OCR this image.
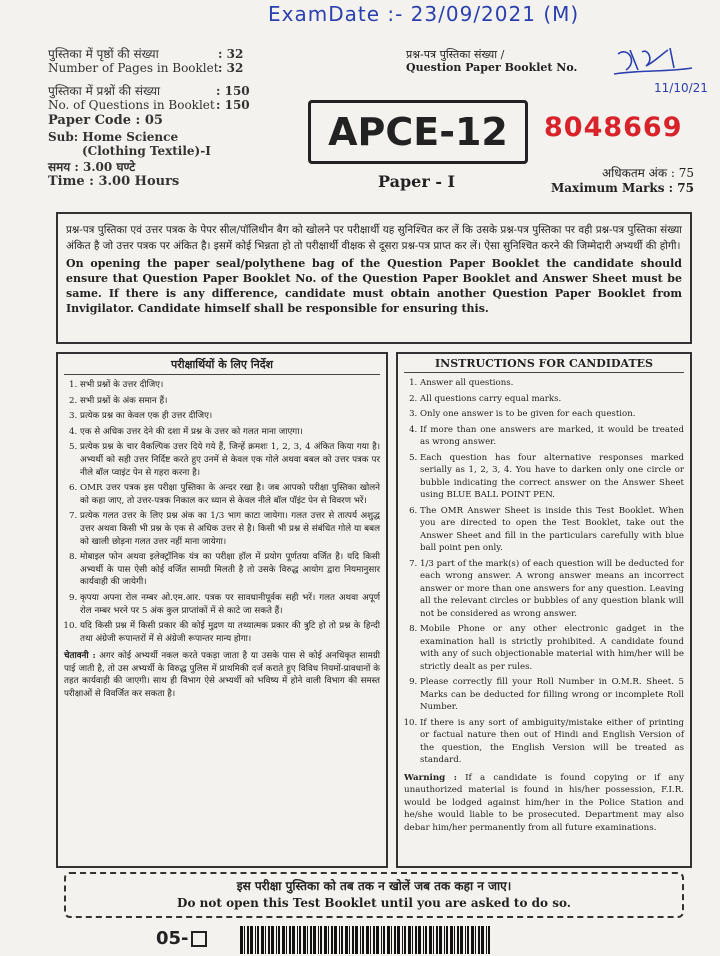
ExamDate :- 23/09/2021 (M)
11/10/21
पुस्तिका में पृष्ठों की संख्या	: 32
Number of Pages in Booklet : 32
पुस्तिका में प्रश्नों की संख्या	: 150
No. of Questions in Booklet : 150
Paper Code : 05
Sub: Home Science
(Clothing Textile)-I
समय : 3.00 घण्टे
Time : 3.00 Hours
प्रश्न-पत्र पुस्तिका संख्या /
Question Paper Booklet No.
APCE-12 8048669
Paper - I	अधिकतम अंक : 75
Maximum Marks : 75

प्रश्न-पत्र पुस्तिका एवं उत्तर पत्रक के पेपर सील/पॉलिथीन बैग को खोलने पर परीक्षार्थी यह सुनिश्चित कर लें कि उसके प्रश्न-पत्र पुस्तिका पर वही प्रश्न-पत्र पुस्तिका संख्या अंकित है जो उत्तर पत्रक पर अंकित है। इसमें कोई भिन्नता हो तो परीक्षार्थी वीक्षक से दूसरा प्रश्न-पत्र प्राप्त कर लें। ऐसा सुनिश्चित करने की जिम्मेदारी अभ्यर्थी की होगी।

On opening the paper seal/polythene bag of the Question Paper Booklet the candidate should ensure that Question Paper Booklet No. of the Question Paper Booklet and Answer Sheet must be same. If there is any difference, candidate must obtain another Question Paper Booklet from Invigilator. Candidate himself shall be responsible for ensuring this.

परीक्षार्थियों के लिए निर्देश
1. सभी प्रश्नों के उत्तर दीजिए।
2. सभी प्रश्नों के अंक समान हैं।
3. प्रत्येक प्रश्न का केवल एक ही उत्तर दीजिए।
4. एक से अधिक उत्तर देने की दशा में प्रश्न के उत्तर को गलत माना जाएगा।
5. प्रत्येक प्रश्न के चार वैकल्पिक उत्तर दिये गये हैं, जिन्हें क्रमशः 1, 2, 3, 4 अंकित किया गया है। अभ्यर्थी को सही उत्तर निर्दिष्ट करते हुए उनमें से केवल एक गोले अथवा बबल को उत्तर पत्रक पर नीले बॉल प्वाइंट पेन से गहरा करना है।
6. OMR उत्तर पत्रक इस परीक्षा पुस्तिका के अन्दर रखा है। जब आपको परीक्षा पुस्तिका खोलने को कहा जाए, तो उत्तर-पत्रक निकाल कर ध्यान से केवल नीले बॉल पॉइंट पेन से विवरण भरें।
7. प्रत्येक गलत उत्तर के लिए प्रश्न अंक का 1/3 भाग काटा जायेगा। गलत उत्तर से तात्पर्य अशुद्ध उत्तर अथवा किसी भी प्रश्न के एक से अधिक उत्तर से है। किसी भी प्रश्न से संबंधित गोले या बबल को खाली छोड़ना गलत उत्तर नहीं माना जायेगा।
8. मोबाइल फोन अथवा इलेक्ट्रॉनिक यंत्र का परीक्षा हॉल में प्रयोग पूर्णतया वर्जित है। यदि किसी अभ्यर्थी के पास ऐसी कोई वर्जित सामग्री मिलती है तो उसके विरुद्ध आयोग द्वारा नियमानुसार कार्यवाही की जायेगी।
9. कृपया अपना रोल नम्बर ओ.एम.आर. पत्रक पर सावधानीपूर्वक सही भरें। गलत अथवा अपूर्ण रोल नम्बर भरने पर 5 अंक कुल प्राप्तांकों में से काटे जा सकते हैं।
10. यदि किसी प्रश्न में किसी प्रकार की कोई मुद्रण या तथ्यात्मक प्रकार की त्रुटि हो तो प्रश्न के हिन्दी तथा अंग्रेजी रूपान्तरों में से अंग्रेजी रूपान्तर मान्य होगा।
चेतावनी : अगर कोई अभ्यर्थी नकल करते पकड़ा जाता है या उसके पास से कोई अनधिकृत सामग्री पाई जाती है, तो उस अभ्यर्थी के विरुद्ध पुलिस में प्राथमिकी दर्ज कराते हुए विविध नियमों-प्रावधानों के तहत कार्यवाही की जाएगी। साथ ही विभाग ऐसे अभ्यर्थी को भविष्य में होने वाली विभाग की समस्त परीक्षाओं से विवर्जित कर सकता है।
INSTRUCTIONS FOR CANDIDATES
1. Answer all questions.
2. All questions carry equal marks.
3. Only one answer is to be given for each question.
4. If more than one answers are marked, it would be treated as wrong answer.
5. Each question has four alternative responses marked serially as 1, 2, 3, 4. You have to darken only one circle or bubble indicating the correct answer on the Answer Sheet using BLUE BALL POINT PEN.
6. The OMR Answer Sheet is inside this Test Booklet. When you are directed to open the Test Booklet, take out the Answer Sheet and fill in the particulars carefully with blue ball point pen only.
7. 1/3 part of the mark(s) of each question will be deducted for each wrong answer. A wrong answer means an incorrect answer or more than one answers for any question. Leaving all the relevant circles or bubbles of any question blank will not be considered as wrong answer.
8. Mobile Phone or any other electronic gadget in the examination hall is strictly prohibited. A candidate found with any of such objectionable material with him/her will be strictly dealt as per rules.
9. Please correctly fill your Roll Number in O.M.R. Sheet. 5 Marks can be deducted for filling wrong or incomplete Roll Number.
10. If there is any sort of ambiguity/mistake either of printing or factual nature then out of Hindi and English Version of the question, the English Version will be treated as standard.
Warning : If a candidate is found copying or if any unauthorized material is found in his/her possession, F.I.R. would be lodged against him/her in the Police Station and he/she would liable to be prosecuted. Department may also debar him/her permanently from all future examinations.
इस परीक्षा पुस्तिका को तब तक न खोलें जब तक कहा न जाए।
Do not open this Test Booklet until you are asked to do so.
05-
